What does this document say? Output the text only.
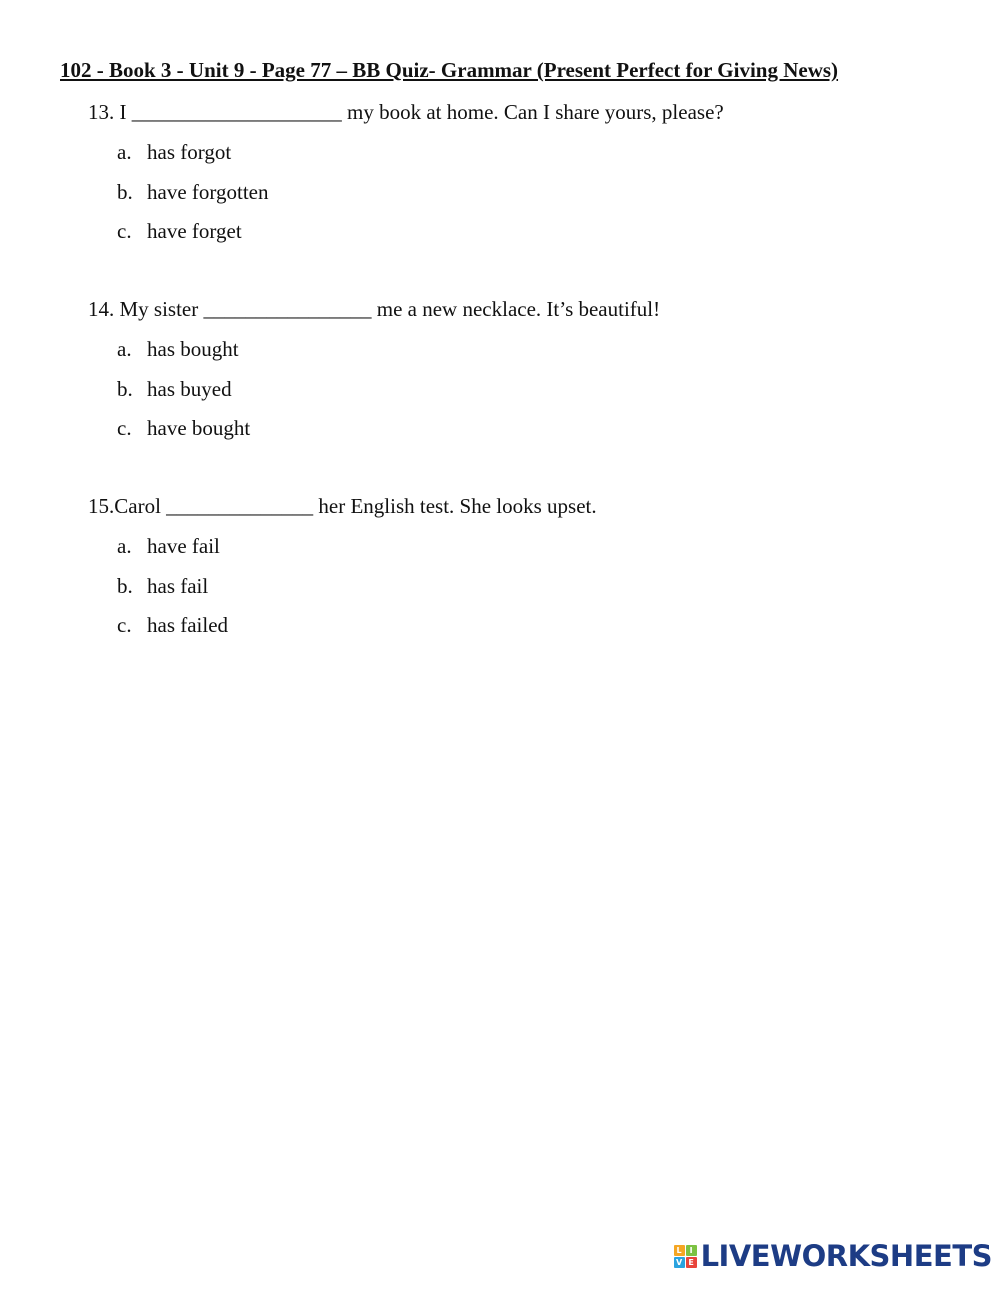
102 - Book 3 - Unit 9 - Page 77 – BB Quiz- Grammar (Present Perfect for Giving News)
13. I ____________________ my book at home. Can I share yours, please?
a. has forgot
b. have forgotten
c. have forget
14. My sister ________________ me a new necklace. It’s beautiful!
a. has bought
b. has buyed
c. have bought
15.Carol ______________ her English test. She looks upset.
a. have fail
b. has fail
c. has failed
L I
V E LIVEWORKSHEETS
